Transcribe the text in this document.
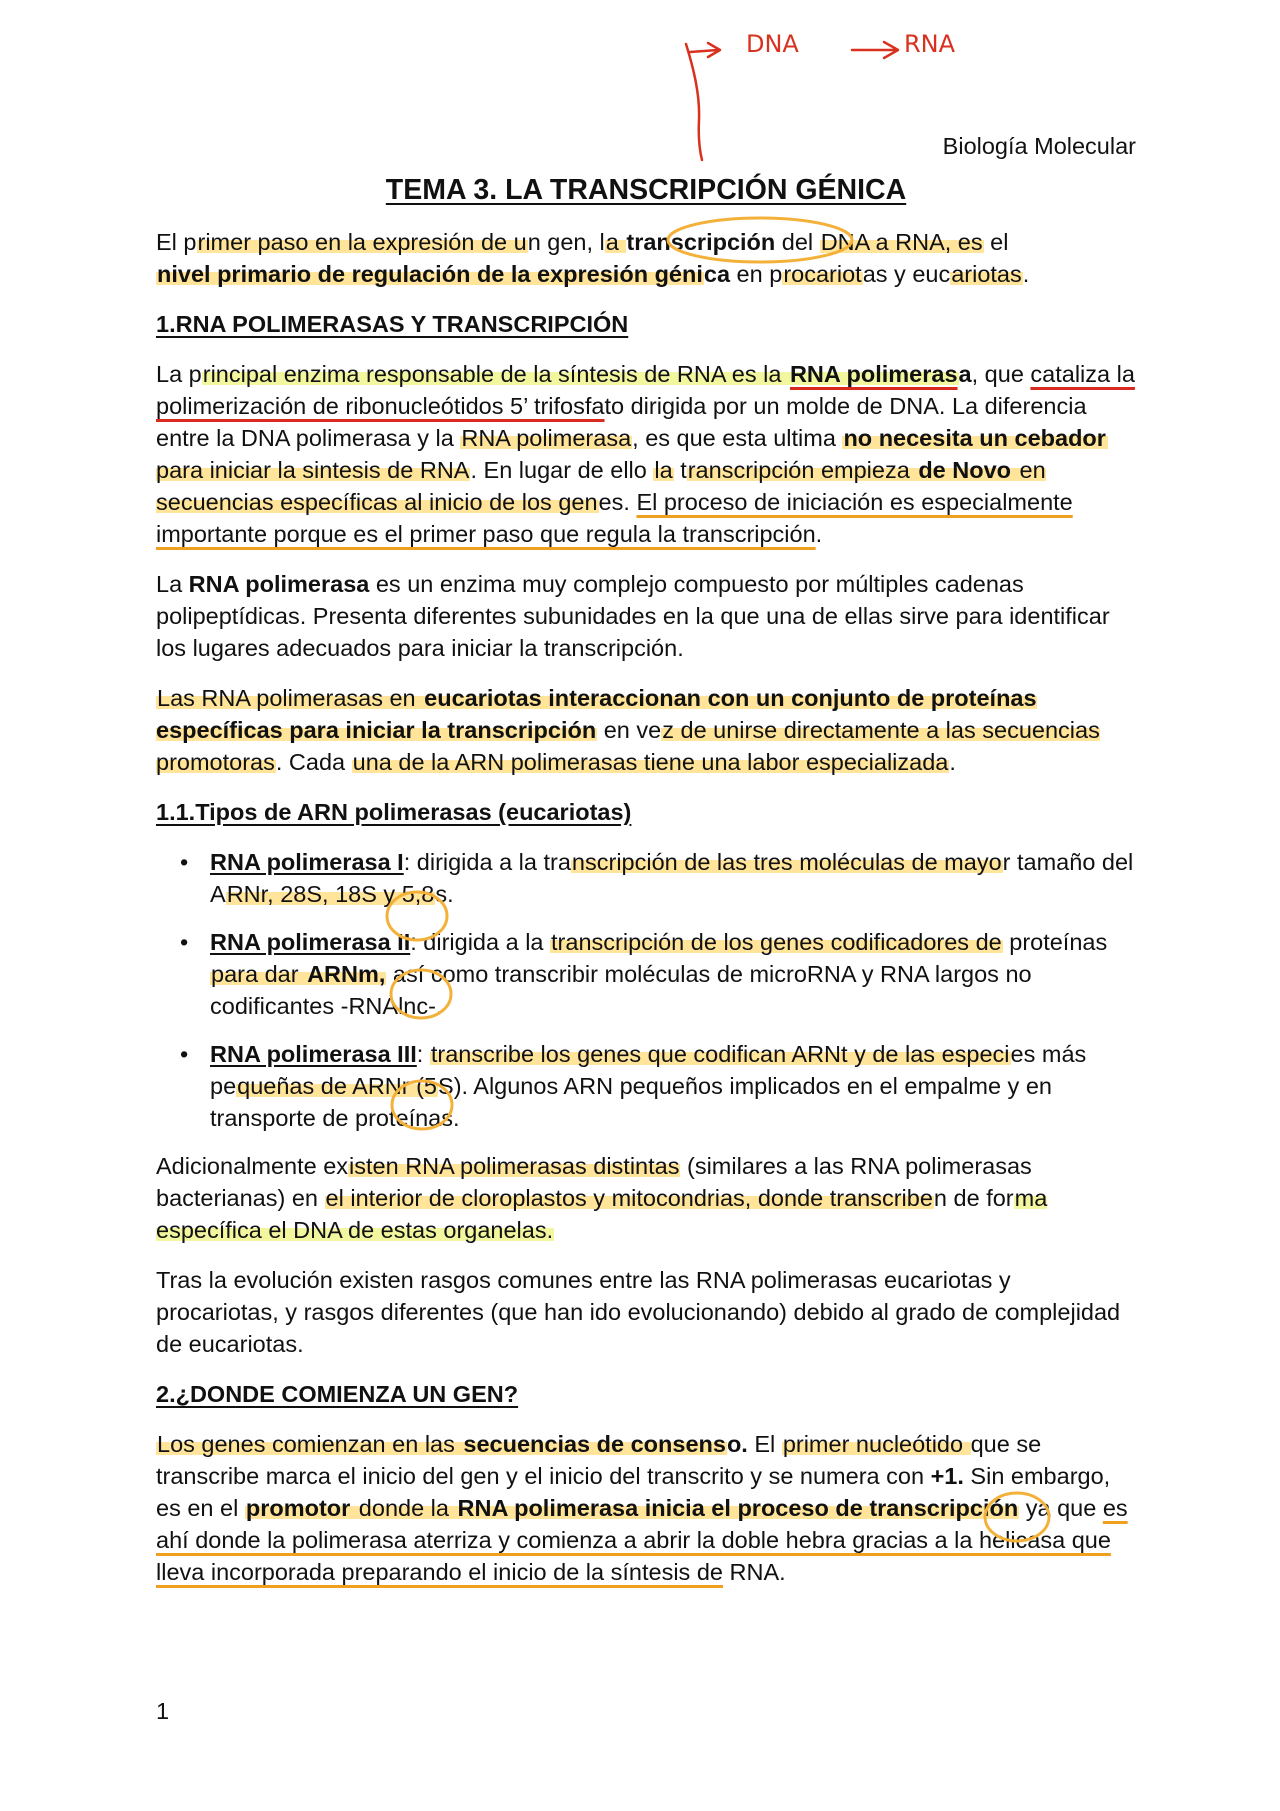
DNA	RNA
Biología Molecular
TEMA 3. LA TRANSCRIPCIÓN GÉNICA

El primer paso en la expresión de un gen, la transcripción del DNA a RNA, es el
nivel primario de regulación de la expresión génica en procariotas y eucariotas.

1.RNA POLIMERASAS Y TRANSCRIPCIÓN

La principal enzima responsable de la síntesis de RNA es la RNA polimerasa, que cataliza la polimerización de ribonucleótidos 5’ trifosfato dirigida por un molde de DNA. La diferencia entre la DNA polimerasa y la RNA polimerasa, es que esta ultima no necesita un cebador para iniciar la sintesis de RNA. En lugar de ello la transcripción empieza de Novo en secuencias específicas al inicio de los genes. El proceso de iniciación es especialmente importante porque es el primer paso que regula la transcripción.

La RNA polimerasa es un enzima muy complejo compuesto por múltiples cadenas polipeptídicas. Presenta diferentes subunidades en la que una de ellas sirve para identificar los lugares adecuados para iniciar la transcripción.

Las RNA polimerasas en eucariotas interaccionan con un conjunto de proteínas específicas para iniciar la transcripción en vez de unirse directamente a las secuencias promotoras. Cada una de la ARN polimerasas tiene una labor especializada.

1.1.Tipos de ARN polimerasas (eucariotas)
• RNA polimerasa I: dirigida a la transcripción de las tres moléculas de mayor tamaño del ARNr, 28S, 18S y 5,8s.
• RNA polimerasa II: dirigida a la transcripción de los genes codificadores de proteínas para dar ARNm, así como transcribir moléculas de microRNA y RNA largos no codificantes -RNAlnc-.
• RNA polimerasa III: transcribe los genes que codifican ARNt y de las especies más pequeñas de ARNr (5S). Algunos ARN pequeños implicados en el empalme y en transporte de proteínas.

Adicionalmente existen RNA polimerasas distintas (similares a las RNA polimerasas bacterianas) en el interior de cloroplastos y mitocondrias, donde transcriben de forma específica el DNA de estas organelas.

Tras la evolución existen rasgos comunes entre las RNA polimerasas eucariotas y procariotas, y rasgos diferentes (que han ido evolucionando) debido al grado de complejidad de eucariotas.

2.¿DONDE COMIENZA UN GEN?

Los genes comienzan en las secuencias de consenso. El primer nucleótido que se transcribe marca el inicio del gen y el inicio del transcrito y se numera con +1. Sin embargo, es en el promotor donde la RNA polimerasa inicia el proceso de transcripción ya que es ahí donde la polimerasa aterriza y comienza a abrir la doble hebra gracias a la helicasa que lleva incorporada preparando el inicio de la síntesis de RNA.

1
